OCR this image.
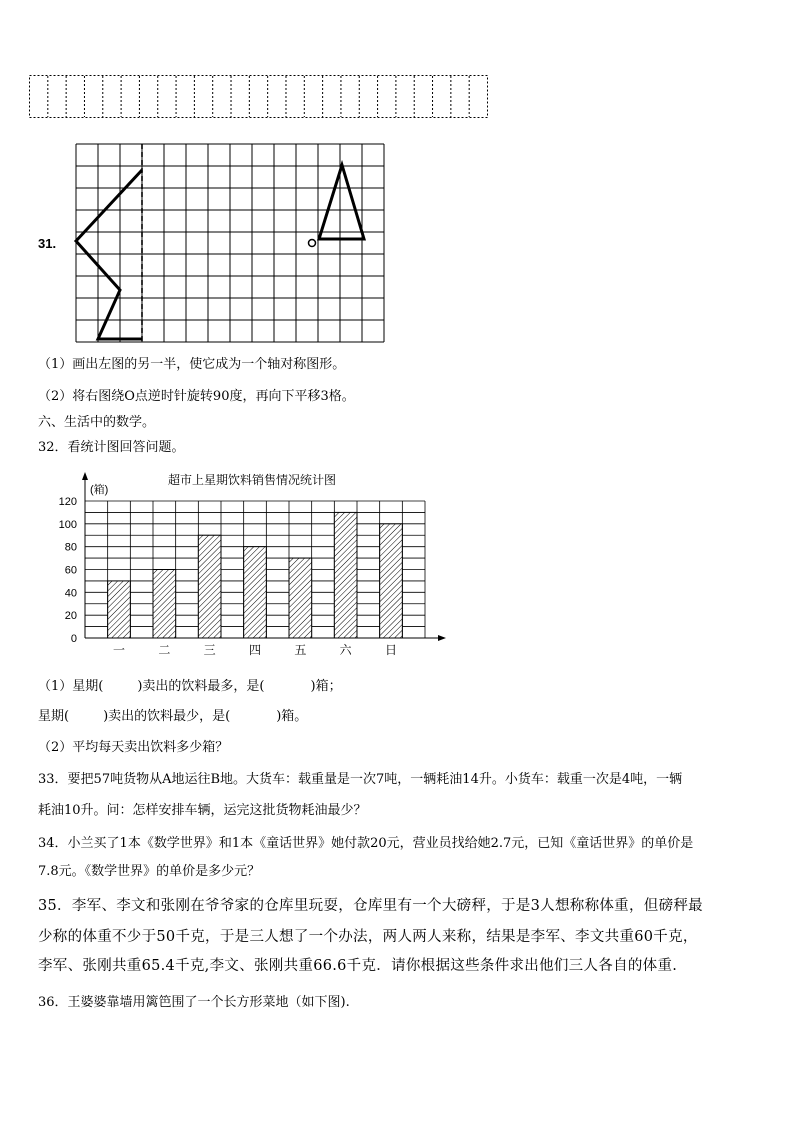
31.
（1）画出左图的另一半，使它成为一个轴对称图形。
（2）将右图绕O点逆时针旋转90度，再向下平移3格。
六、生活中的数学。
32．看统计图回答问题。
超市上星期饮料销售情况统计图
(箱)
0
20
40
60
80
100
120
一	二	三	四	五	六	日
（1）星期(	)卖出的饮料最多，是(	)箱；
星期(	)卖出的饮料最少，是(	)箱。
（2）平均每天卖出饮料多少箱？
33．要把57吨货物从A地运往B地。大货车：载重量是一次7吨，一辆耗油14升。小货车：载重一次是4吨，一辆
耗油10升。问：怎样安排车辆，运完这批货物耗油最少？
34．小兰买了1本《数学世界》和1本《童话世界》她付款20元，营业员找给她2.7元，已知《童话世界》的单价是
7.8元。《数学世界》的单价是多少元？
35．李军、李文和张刚在爷爷家的仓库里玩耍，仓库里有一个大磅秤，于是3人想称称体重，但磅秤最
少称的体重不少于50千克，于是三人想了一个办法，两人两人来称，结果是李军、李文共重60千克，
李军、张刚共重65.4千克,李文、张刚共重66.6千克．请你根据这些条件求出他们三人各自的体重.
36．王婆婆靠墙用篱笆围了一个长方形菜地（如下图).
